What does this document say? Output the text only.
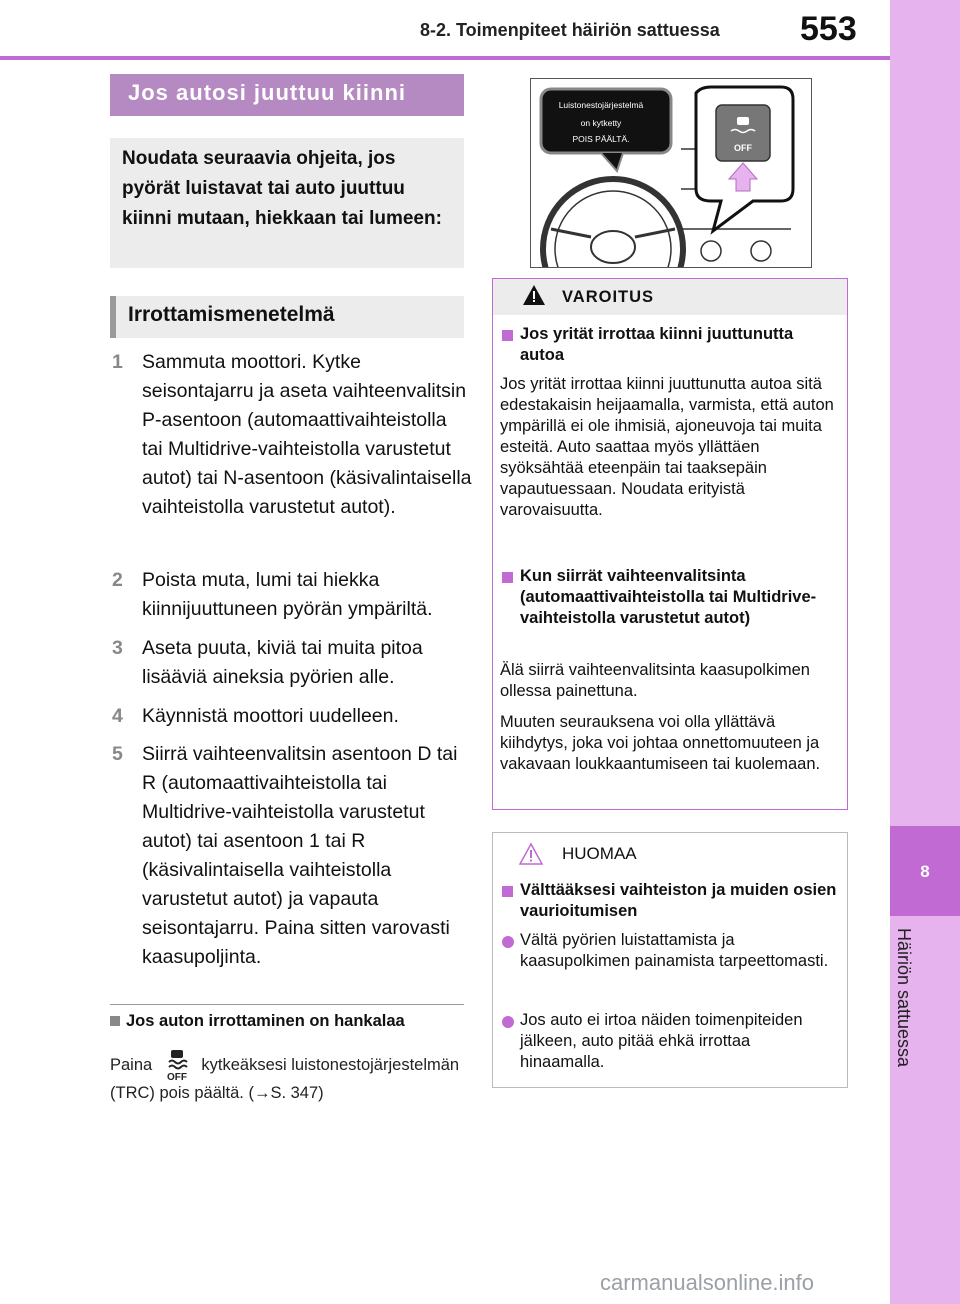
8-2. Toimenpiteet häiriön sattuessa 553
8
Häiriön sattuessa
Jos autosi juuttuu kiinni

Noudata seuraavia ohjeita, jos pyörät luistavat tai auto juuttuu kiinni mutaan, hiekkaan tai lumeen:

Irrottamismenetelmä
1 Sammuta moottori. Kytke seisontajarru ja aseta vaihteenvalitsin P-asentoon (automaattivaihteistolla tai Multidrive-vaihteistolla varustetut autot) tai N-asentoon (käsivalintaisella vaihteistolla varustetut autot).
2 Poista muta, lumi tai hiekka kiinnijuuttuneen pyörän ympäriltä.
3 Aseta puuta, kiviä tai muita pitoa lisääviä aineksia pyörien alle.
4 Käynnistä moottori uudelleen.
5 Siirrä vaihteenvalitsin asentoon D tai R (automaattivaihteistolla tai Multidrive-vaihteistolla varustetut autot) tai asentoon 1 tai R (käsivalintaisella vaihteistolla varustetut autot) ja vapauta seisontajarru. Paina sitten varovasti kaasupoljinta.
Jos auton irrottaminen on hankalaa
Paina
OFF
kytkeäksesi luistonestojärjestelmän (TRC) pois päältä. (→S. 347)
OFF
Luistonestojärjestelmä
on kytketty
POIS PÄÄLTÄ.
VAROITUS
Jos yrität irrottaa kiinni juuttunutta autoa
Jos yrität irrottaa kiinni juuttunutta autoa sitä edestakaisin heijaamalla, varmista, että auton ympärillä ei ole ihmisiä, ajoneuvoja tai muita esteitä. Auto saattaa myös yllättäen syöksähtää eteenpäin tai taaksepäin vapautuessaan. Noudata erityistä varovaisuutta.
Kun siirrät vaihteenvalitsinta (automaattivaihteistolla tai Multidrive-vaihteistolla varustetut autot)
Älä siirrä vaihteenvalitsinta kaasupolkimen ollessa painettuna.
Muuten seurauksena voi olla yllättävä kiihdytys, joka voi johtaa onnettomuuteen ja vakavaan loukkaantumiseen tai kuolemaan.
HUOMAA
Välttääksesi vaihteiston ja muiden osien vaurioitumisen
Vältä pyörien luistattamista ja kaasupolkimen painamista tarpeettomasti.
Jos auto ei irtoa näiden toimenpiteiden jälkeen, auto pitää ehkä irrottaa hinaamalla.
carmanualsonline.info
